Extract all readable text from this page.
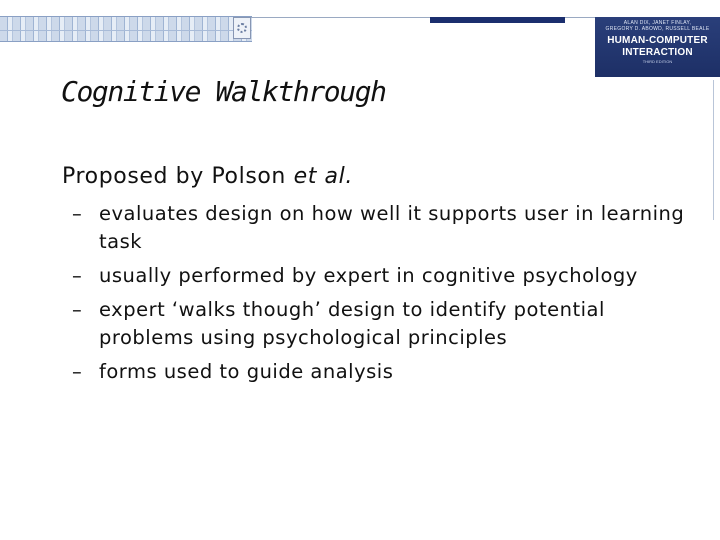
ALAN DIX, JANET FINLAY,
GREGORY D. ABOWD, RUSSELL BEALE
HUMAN-COMPUTER
INTERACTION
THIRD EDITION
Cognitive Walkthrough

Proposed by Polson et al.

– evaluates design on how well it supports user in learning task
– usually performed by expert in cognitive psychology
– expert ‘walks though’ design to identify potential problems using psychological principles
– forms used to guide analysis
